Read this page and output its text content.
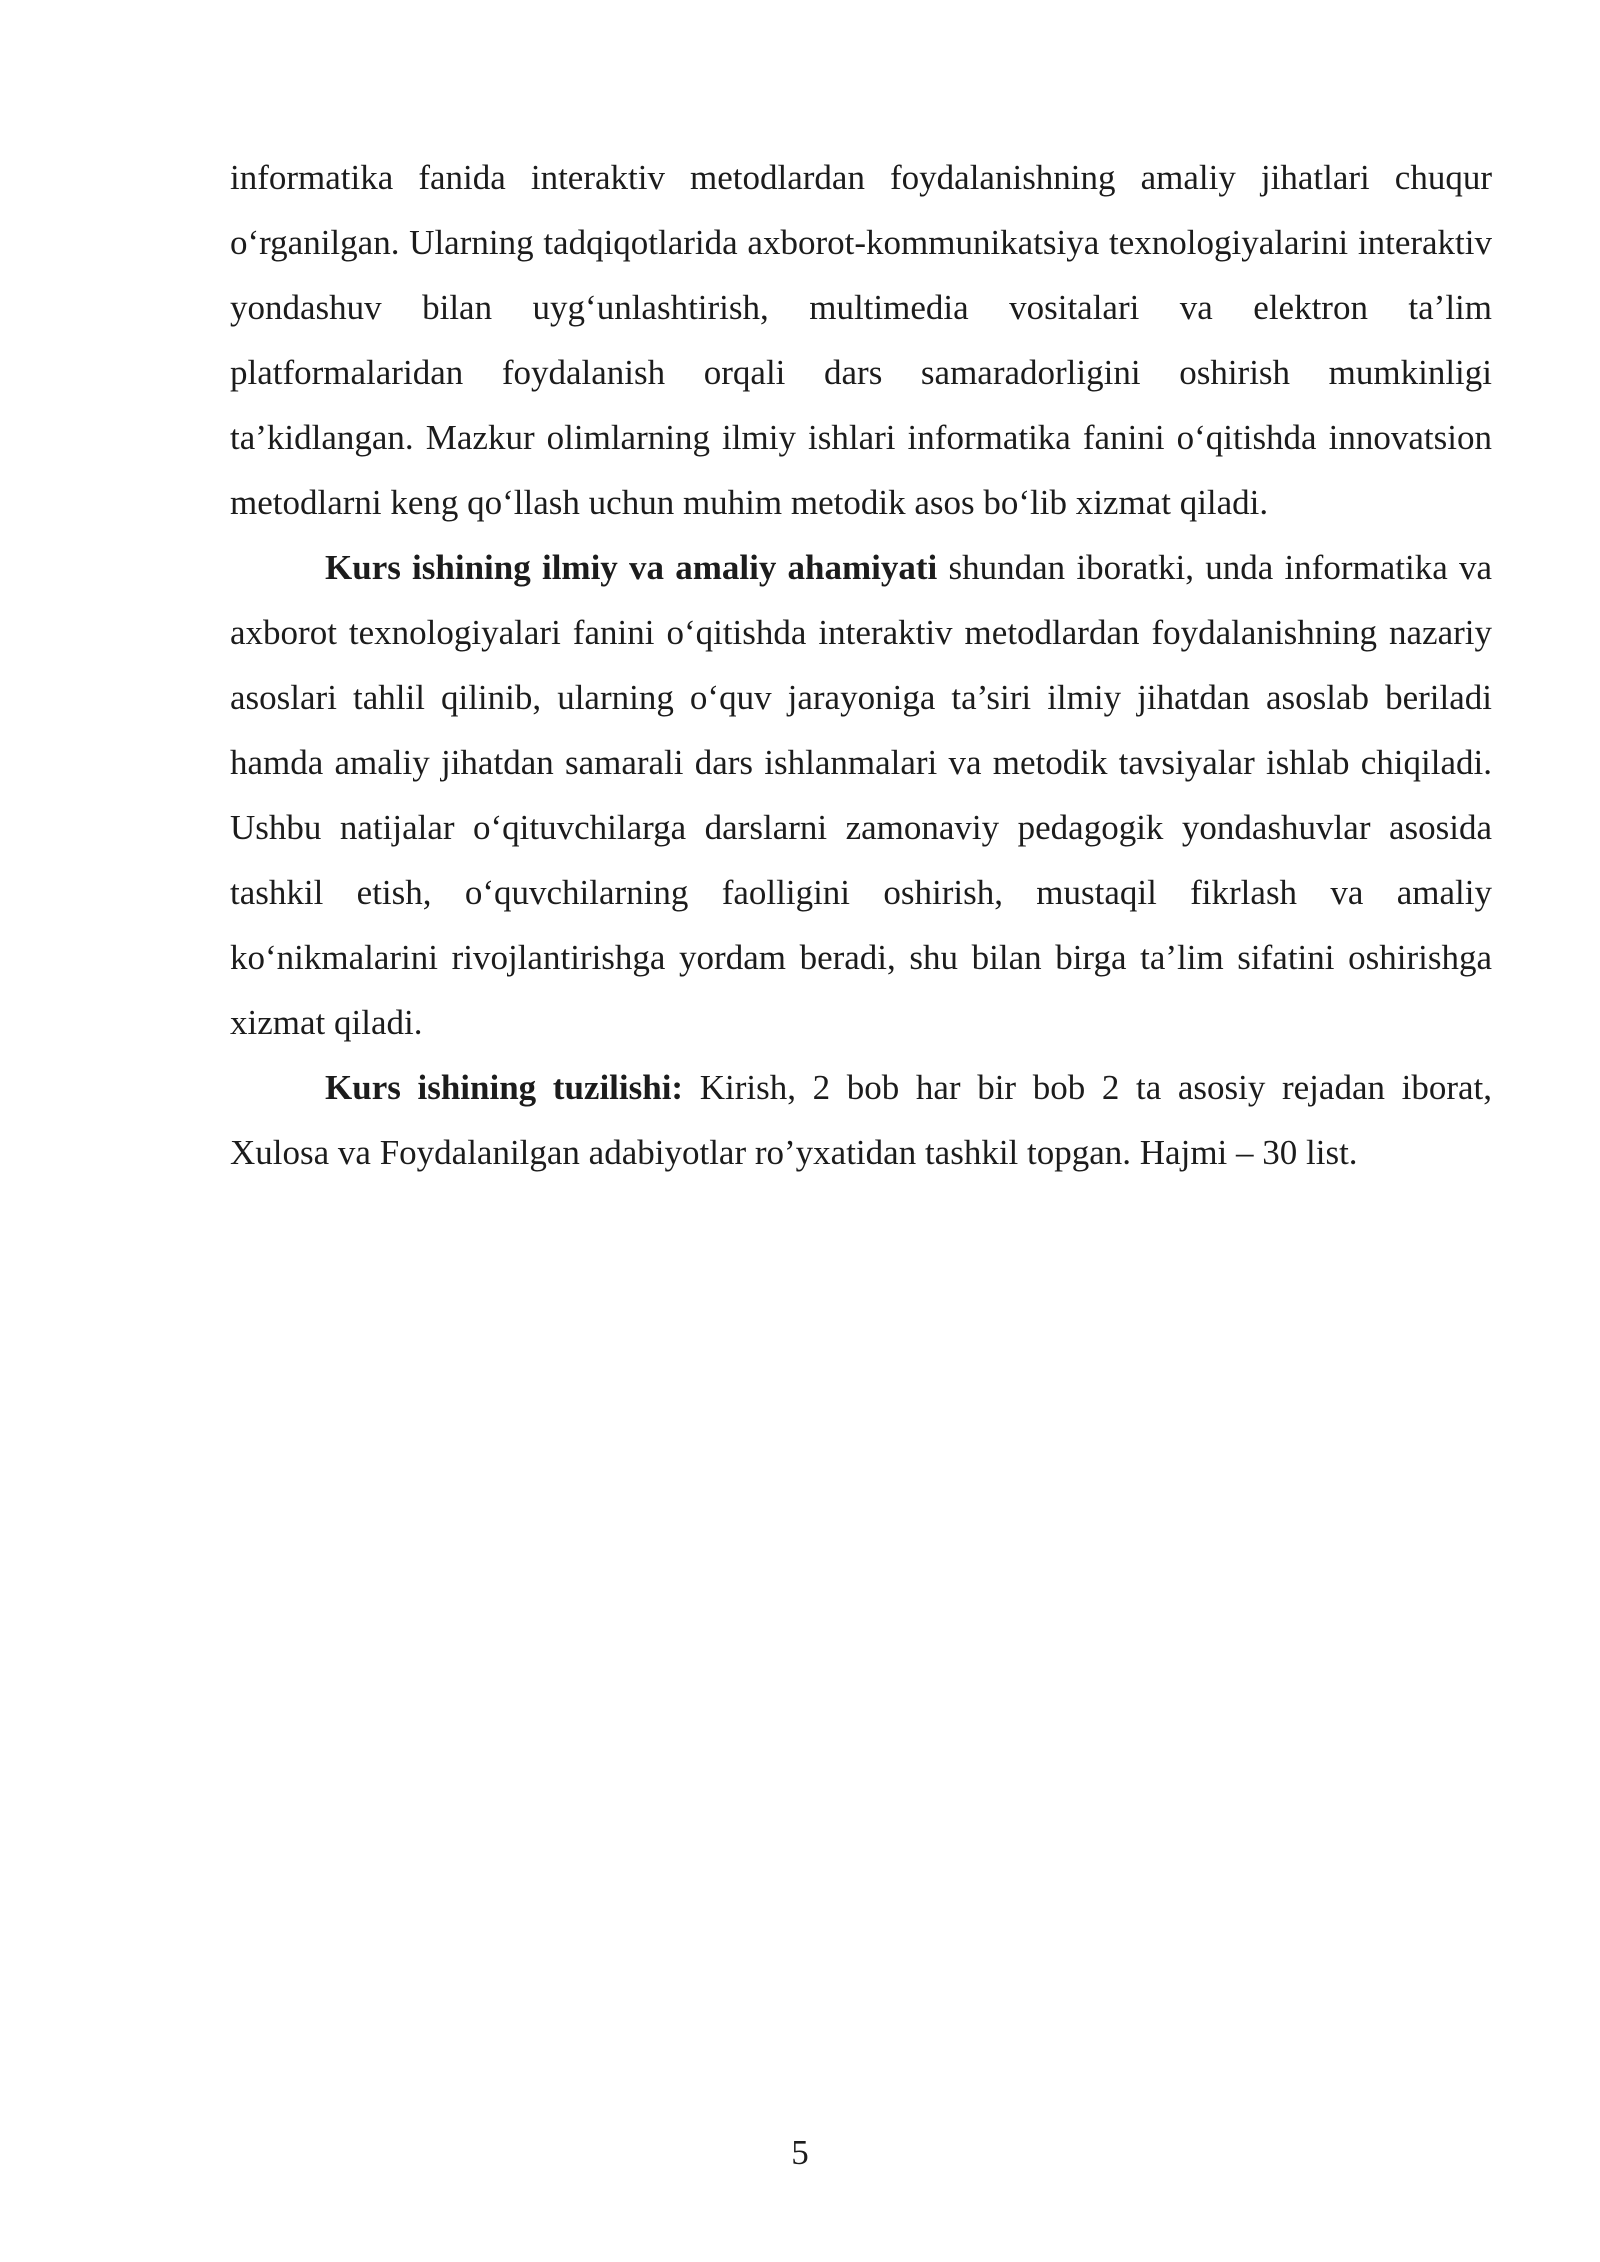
informatika fanida interaktiv metodlardan foydalanishning amaliy jihatlari chuqur o‘rganilgan. Ularning tadqiqotlarida axborot-kommunikatsiya texnologiyalarini interaktiv yondashuv bilan uyg‘unlashtirish, multimedia vositalari va elektron ta’lim platformalaridan foydalanish orqali dars samaradorligini oshirish mumkinligi ta’kidlangan. Mazkur olimlarning ilmiy ishlari informatika fanini o‘qitishda innovatsion metodlarni keng qo‘llash uchun muhim metodik asos bo‘lib xizmat qiladi.

Kurs ishining ilmiy va amaliy ahamiyati shundan iboratki, unda informatika va axborot texnologiyalari fanini o‘qitishda interaktiv metodlardan foydalanishning nazariy asoslari tahlil qilinib, ularning o‘quv jarayoniga ta’siri ilmiy jihatdan asoslab beriladi hamda amaliy jihatdan samarali dars ishlanmalari va metodik tavsiyalar ishlab chiqiladi. Ushbu natijalar o‘qituvchilarga darslarni zamonaviy pedagogik yondashuvlar asosida tashkil etish, o‘quvchilarning faolligini oshirish, mustaqil fikrlash va amaliy ko‘nikmalarini rivojlantirishga yordam beradi, shu bilan birga ta’lim sifatini oshirishga xizmat qiladi.

Kurs ishining tuzilishi: Kirish, 2 bob har bir bob 2 ta asosiy rejadan iborat, Xulosa va Foydalanilgan adabiyotlar ro’yxatidan tashkil topgan. Hajmi – 30 list.

5
